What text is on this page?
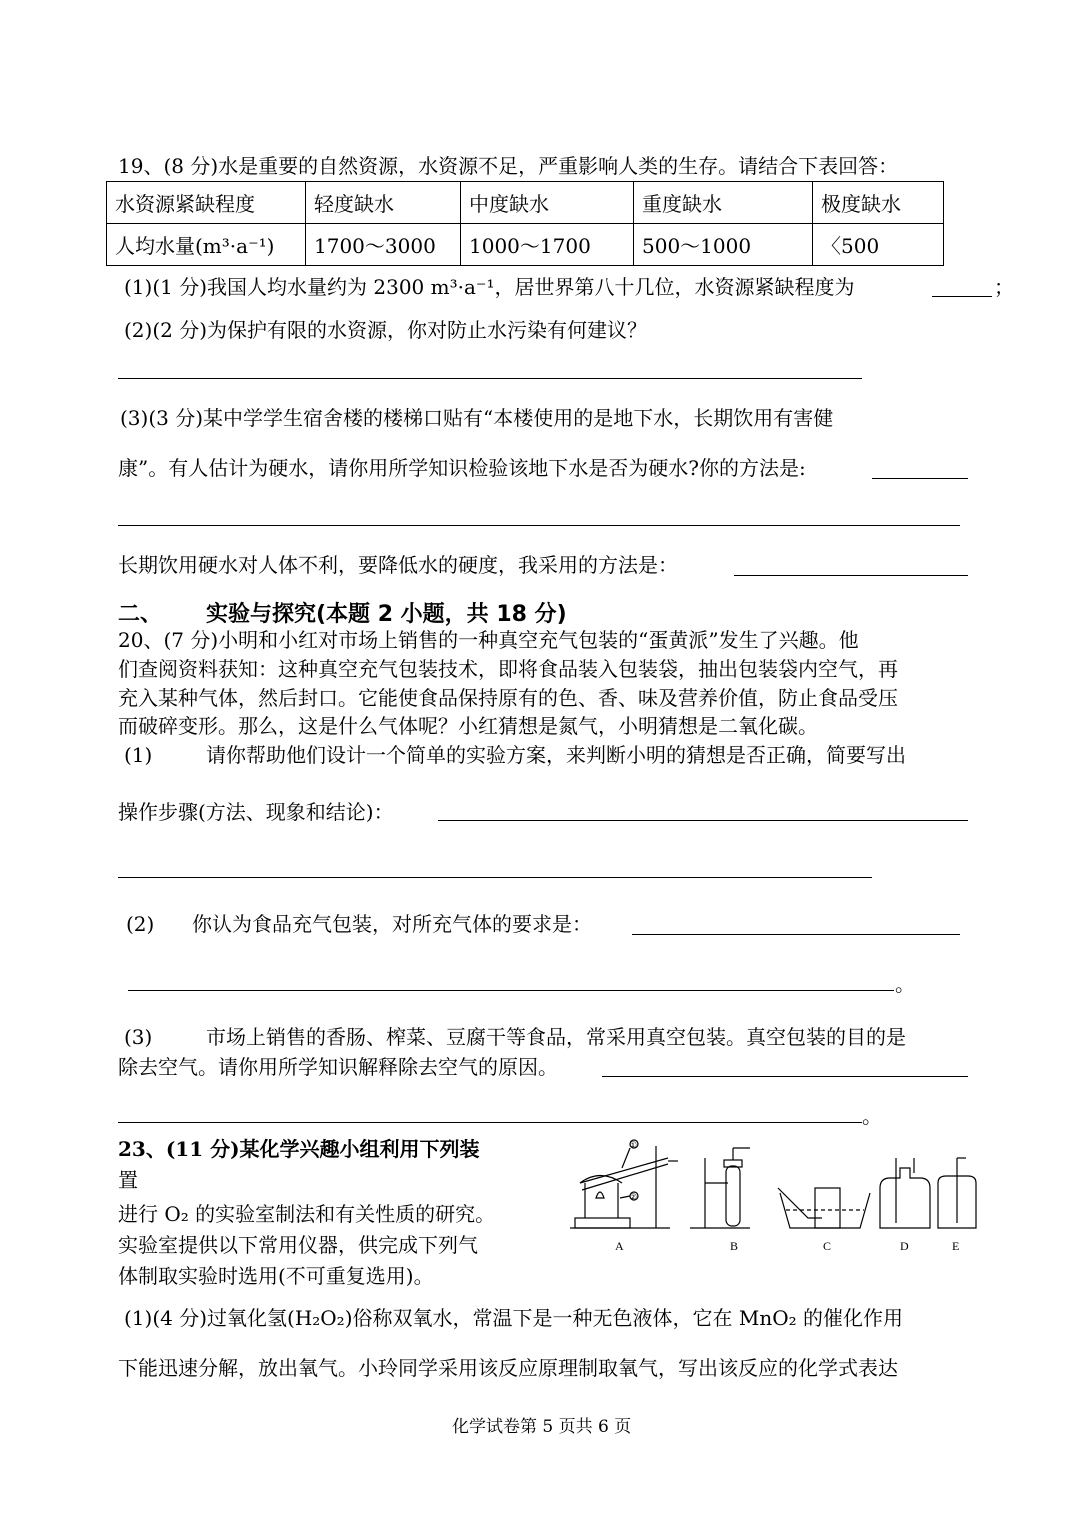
19、(8 分)水是重要的自然资源，水资源不足，严重影响人类的生存。请结合下表回答：
水资源紧缺程度	轻度缺水	中度缺水	重度缺水	极度缺水
人均水量(m³·a⁻¹)	1700～3000	1000～1700	500～1000	〈500
(1)(1 分)我国人均水量约为 2300 m³·a⁻¹，居世界第八十几位，水资源紧缺程度为	；
(2)(2 分)为保护有限的水资源，你对防止水污染有何建议？
(3)(3 分)某中学学生宿舍楼的楼梯口贴有“本楼使用的是地下水，长期饮用有害健
康”。有人估计为硬水，请你用所学知识检验该地下水是否为硬水?你的方法是:
长期饮用硬水对人体不利，要降低水的硬度，我采用的方法是：
二、 实验与探究(本题 2 小题，共 18 分)
20、(7 分)小明和小红对市场上销售的一种真空充气包装的“蛋黄派”发生了兴趣。他
们查阅资料获知：这种真空充气包装技术，即将食品装入包装袋，抽出包装袋内空气，再
充入某种气体，然后封口。它能使食品保持原有的色、香、味及营养价值，防止食品受压
而破碎变形。那么，这是什么气体呢？小红猜想是氮气，小明猜想是二氧化碳。
(1)	请你帮助他们设计一个简单的实验方案，来判断小明的猜想是否正确，简要写出
操作步骤(方法、现象和结论)：
(2) 你认为食品充气包装，对所充气体的要求是：
。
(3)	市场上销售的香肠、榨菜、豆腐干等食品，常采用真空包装。真空包装的目的是
除去空气。请你用所学知识解释除去空气的原因。
。
23、(11 分)某化学兴趣小组利用下列装
置
进行 O₂ 的实验室制法和有关性质的研究。
实验室提供以下常用仪器，供完成下列气
体制取实验时选用(不可重复选用)。
A	B	C	D	E
①
②
(1)(4 分)过氧化氢(H₂O₂)俗称双氧水，常温下是一种无色液体，它在 MnO₂ 的催化作用
下能迅速分解，放出氧气。小玲同学采用该反应原理制取氧气，写出该反应的化学式表达
化学试卷第 5 页共 6 页
